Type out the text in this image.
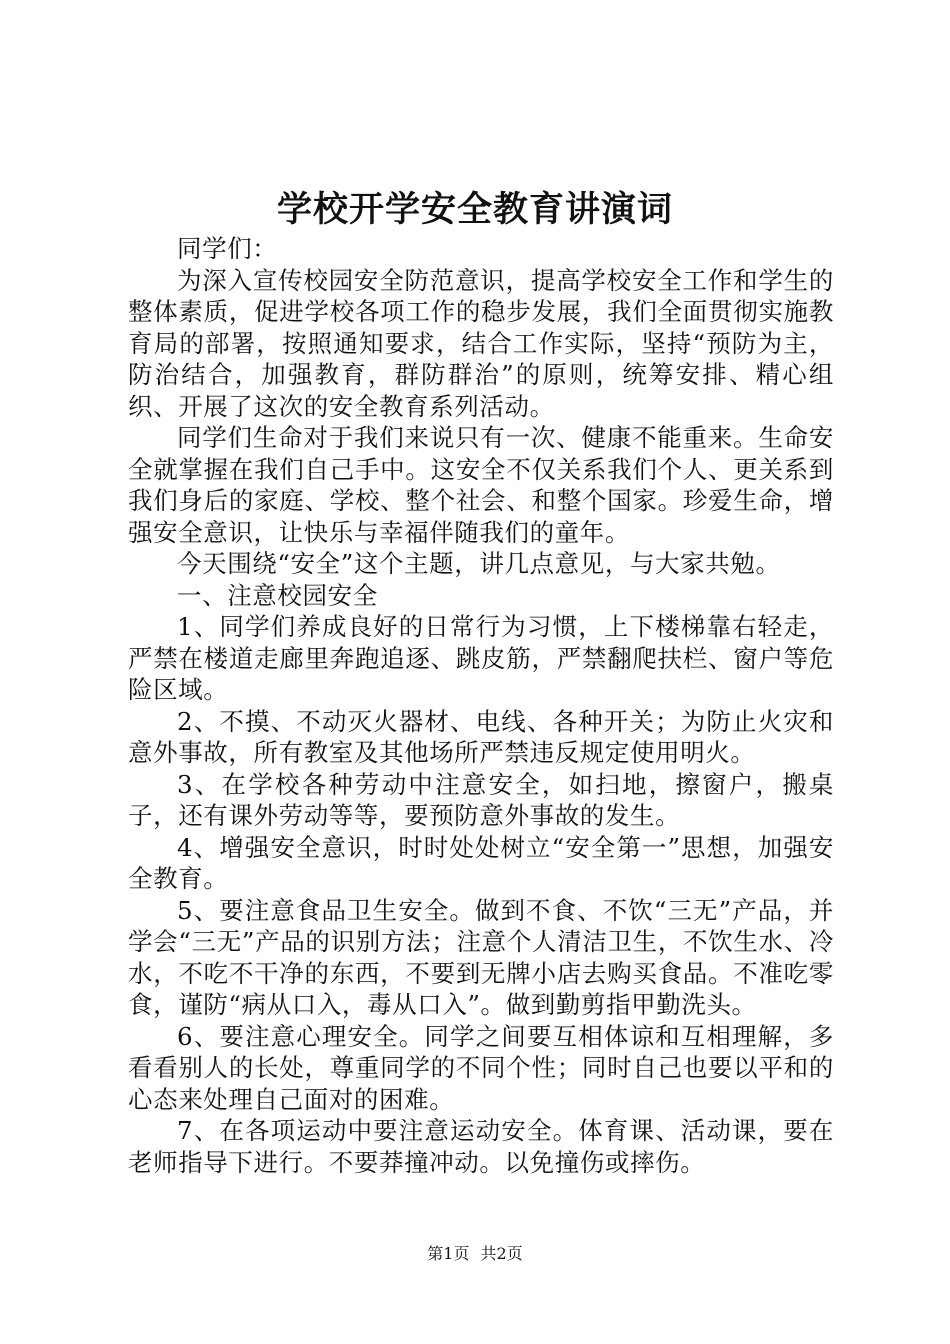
学校开学安全教育讲演词

同学们：

为深入宣传校园安全防范意识，提高学校安全工作和学生的整体素质，促进学校各项工作的稳步发展，我们全面贯彻实施教育局的部署，按照通知要求，结合工作实际，坚持“预防为主，防治结合，加强教育，群防群治”的原则，统筹安排、精心组织、开展了这次的安全教育系列活动。

同学们生命对于我们来说只有一次、健康不能重来。生命安全就掌握在我们自己手中。这安全不仅关系我们个人、更关系到我们身后的家庭、学校、整个社会、和整个国家。珍爱生命，增强安全意识，让快乐与幸福伴随我们的童年。

今天围绕“安全”这个主题，讲几点意见，与大家共勉。

一、注意校园安全

1、同学们养成良好的日常行为习惯，上下楼梯靠右轻走，严禁在楼道走廊里奔跑追逐、跳皮筋，严禁翻爬扶栏、窗户等危险区域。

2、不摸、不动灭火器材、电线、各种开关；为防止火灾和意外事故，所有教室及其他场所严禁违反规定使用明火。

3、在学校各种劳动中注意安全，如扫地，擦窗户，搬桌子，还有课外劳动等等，要预防意外事故的发生。

4、增强安全意识，时时处处树立“安全第一”思想，加强安全教育。

5、要注意食品卫生安全。做到不食、不饮“三无”产品，并学会“三无”产品的识别方法；注意个人清洁卫生，不饮生水、冷水，不吃不干净的东西，不要到无牌小店去购买食品。不准吃零食，谨防“病从口入，毒从口入”。做到勤剪指甲勤洗头。

6、要注意心理安全。同学之间要互相体谅和互相理解，多看看别人的长处，尊重同学的不同个性；同时自己也要以平和的心态来处理自己面对的困难。

7、在各项运动中要注意运动安全。体育课、活动课，要在老师指导下进行。不要莽撞冲动。以免撞伤或摔伤。

第1页 共2页
